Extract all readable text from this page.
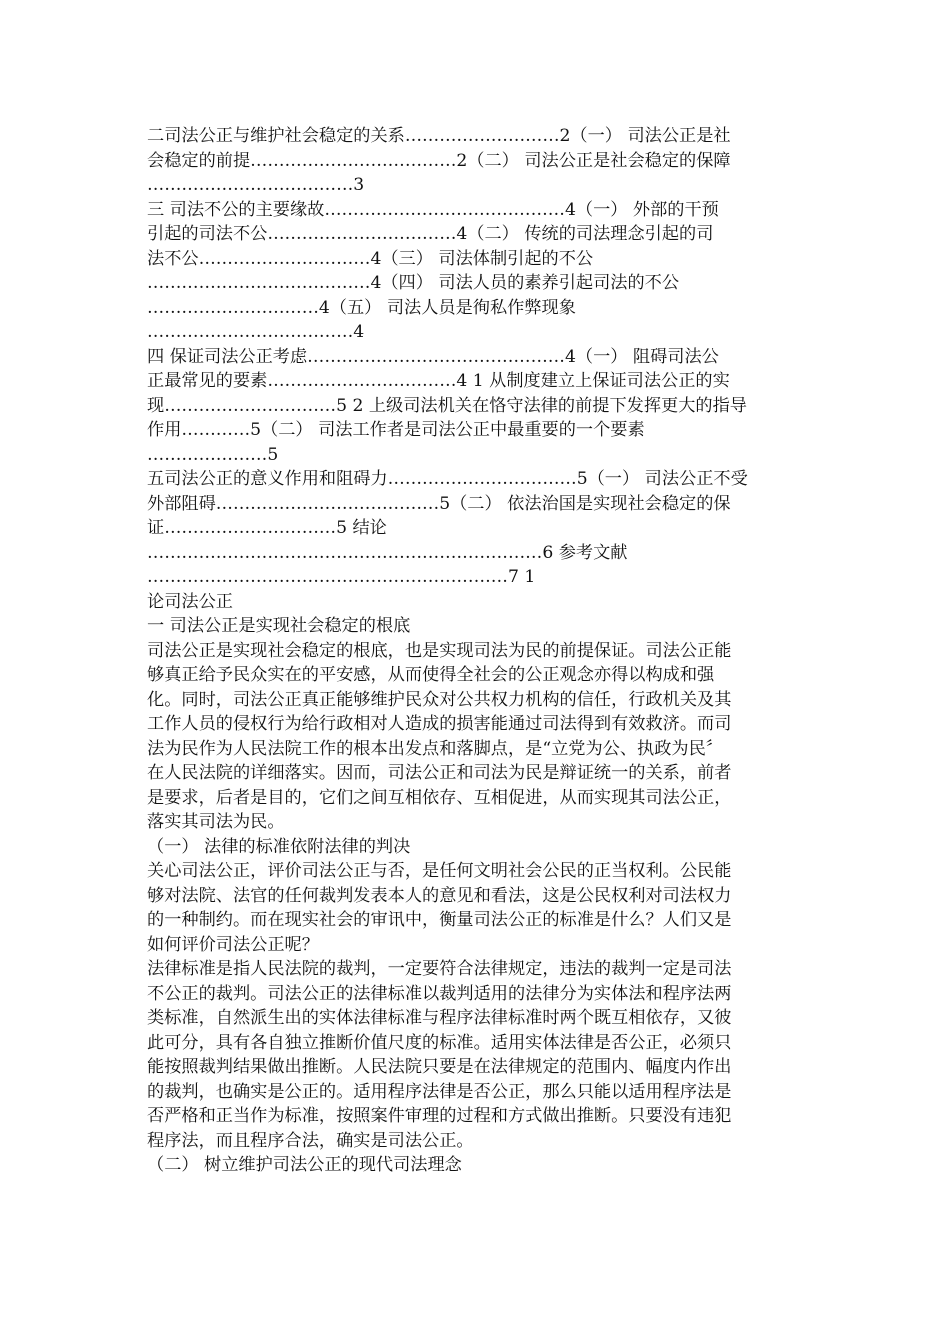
二司法公正与维护社会稳定的关系………………………2（一） 司法公正是社
会稳定的前提………………………………2（二） 司法公正是社会稳定的保障
………………………………3
三 司法不公的主要缘故……………………………………4（一） 外部的干预
引起的司法不公……………………………4（二） 传统的司法理念引起的司
法不公…………………………4（三） 司法体制引起的不公
…………………………………4（四） 司法人员的素养引起司法的不公
…………………………4（五） 司法人员是徇私作弊现象
………………………………4
四 保证司法公正考虑………………………………………4（一） 阻碍司法公
正最常见的要素……………………………4 1 从制度建立上保证司法公正的实
现…………………………5 2 上级司法机关在恪守法律的前提下发挥更大的指导
作用…………5（二） 司法工作者是司法公正中最重要的一个要素
…………………5
五司法公正的意义作用和阻碍力……………………………5（一） 司法公正不受
外部阻碍…………………………………5（二） 依法治国是实现社会稳定的保
证…………………………5 结论
……………………………………………………………6 参考文献
………………………………………………………7 1
论司法公正
一 司法公正是实现社会稳定的根底
司法公正是实现社会稳定的根底，也是实现司法为民的前提保证。司法公正能
够真正给予民众实在的平安感，从而使得全社会的公正观念亦得以构成和强
化。同时，司法公正真正能够维护民众对公共权力机构的信任，行政机关及其
工作人员的侵权行为给行政相对人造成的损害能通过司法得到有效救济。而司
法为民作为人民法院工作的根本出发点和落脚点，是“立党为公、执政为民〞
在人民法院的详细落实。因而，司法公正和司法为民是辩证统一的关系，前者
是要求，后者是目的，它们之间互相依存、互相促进，从而实现其司法公正，
落实其司法为民。
（一） 法律的标准依附法律的判决
关心司法公正，评价司法公正与否，是任何文明社会公民的正当权利。公民能
够对法院、法官的任何裁判发表本人的意见和看法，这是公民权利对司法权力
的一种制约。而在现实社会的审讯中，衡量司法公正的标准是什么？人们又是
如何评价司法公正呢？
法律标准是指人民法院的裁判，一定要符合法律规定，违法的裁判一定是司法
不公正的裁判。司法公正的法律标准以裁判适用的法律分为实体法和程序法两
类标准，自然派生出的实体法律标准与程序法律标准时两个既互相依存，又彼
此可分，具有各自独立推断价值尺度的标准。适用实体法律是否公正，必须只
能按照裁判结果做出推断。人民法院只要是在法律规定的范围内、幅度内作出
的裁判，也确实是公正的。适用程序法律是否公正，那么只能以适用程序法是
否严格和正当作为标准，按照案件审理的过程和方式做出推断。只要没有违犯
程序法，而且程序合法，确实是司法公正。
（二） 树立维护司法公正的现代司法理念
